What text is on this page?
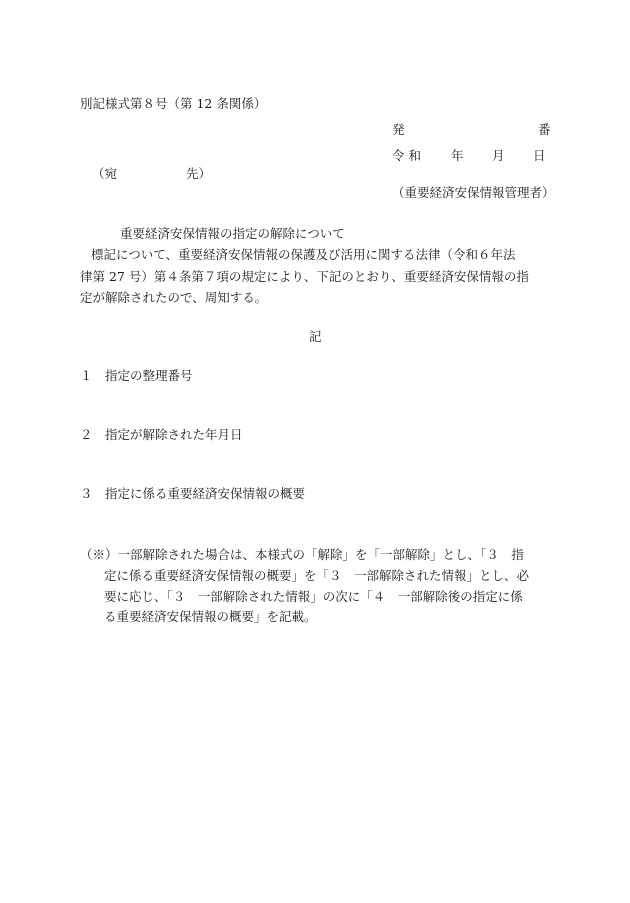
別記様式第８号（第 12 条関係）
発	番
令 和 年 月 日
（宛	先）
（重要経済安保情報管理者）
重要経済安保情報の指定の解除について
標記について、重要経済安保情報の保護及び活用に関する法律（令和６年法
律第 27 号）第４条第７項の規定により、下記のとおり、重要経済安保情報の指
定が解除されたので、周知する。
記
１ 指定の整理番号
２ 指定が解除された年月日
３ 指定に係る重要経済安保情報の概要
（※）一部解除された場合は、本様式の「解除」を「一部解除」とし、「３　指
定に係る重要経済安保情報の概要」を「３　一部解除された情報」とし、必
要に応じ、「３　一部解除された情報」の次に「４　一部解除後の指定に係
る重要経済安保情報の概要」を記載。
